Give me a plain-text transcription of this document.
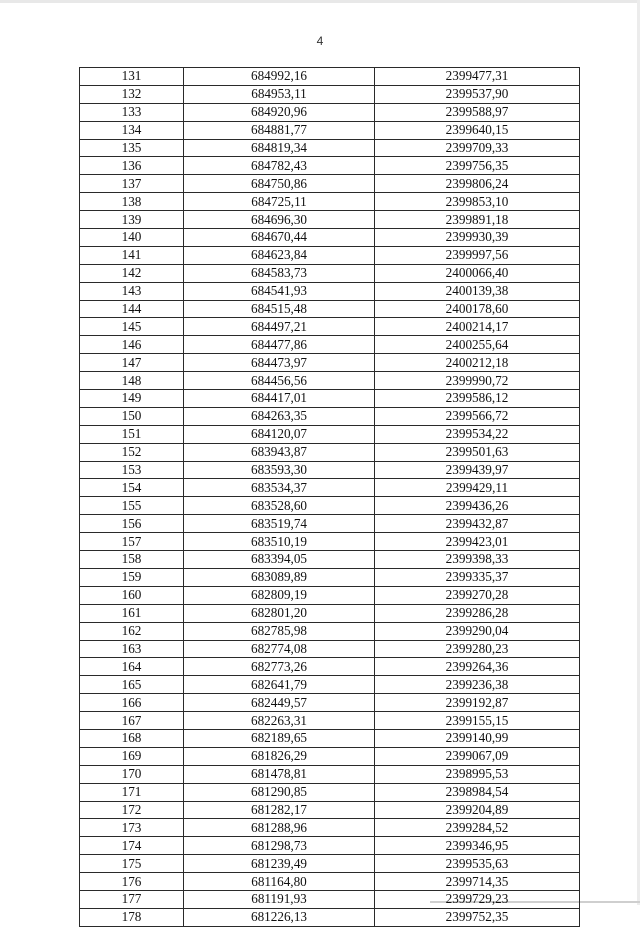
4
131	684992,16	2399477,31
132	684953,11	2399537,90
133	684920,96	2399588,97
134	684881,77	2399640,15
135	684819,34	2399709,33
136	684782,43	2399756,35
137	684750,86	2399806,24
138	684725,11	2399853,10
139	684696,30	2399891,18
140	684670,44	2399930,39
141	684623,84	2399997,56
142	684583,73	2400066,40
143	684541,93	2400139,38
144	684515,48	2400178,60
145	684497,21	2400214,17
146	684477,86	2400255,64
147	684473,97	2400212,18
148	684456,56	2399990,72
149	684417,01	2399586,12
150	684263,35	2399566,72
151	684120,07	2399534,22
152	683943,87	2399501,63
153	683593,30	2399439,97
154	683534,37	2399429,11
155	683528,60	2399436,26
156	683519,74	2399432,87
157	683510,19	2399423,01
158	683394,05	2399398,33
159	683089,89	2399335,37
160	682809,19	2399270,28
161	682801,20	2399286,28
162	682785,98	2399290,04
163	682774,08	2399280,23
164	682773,26	2399264,36
165	682641,79	2399236,38
166	682449,57	2399192,87
167	682263,31	2399155,15
168	682189,65	2399140,99
169	681826,29	2399067,09
170	681478,81	2398995,53
171	681290,85	2398984,54
172	681282,17	2399204,89
173	681288,96	2399284,52
174	681298,73	2399346,95
175	681239,49	2399535,63
176	681164,80	2399714,35
177	681191,93	2399729,23
178	681226,13	2399752,35
